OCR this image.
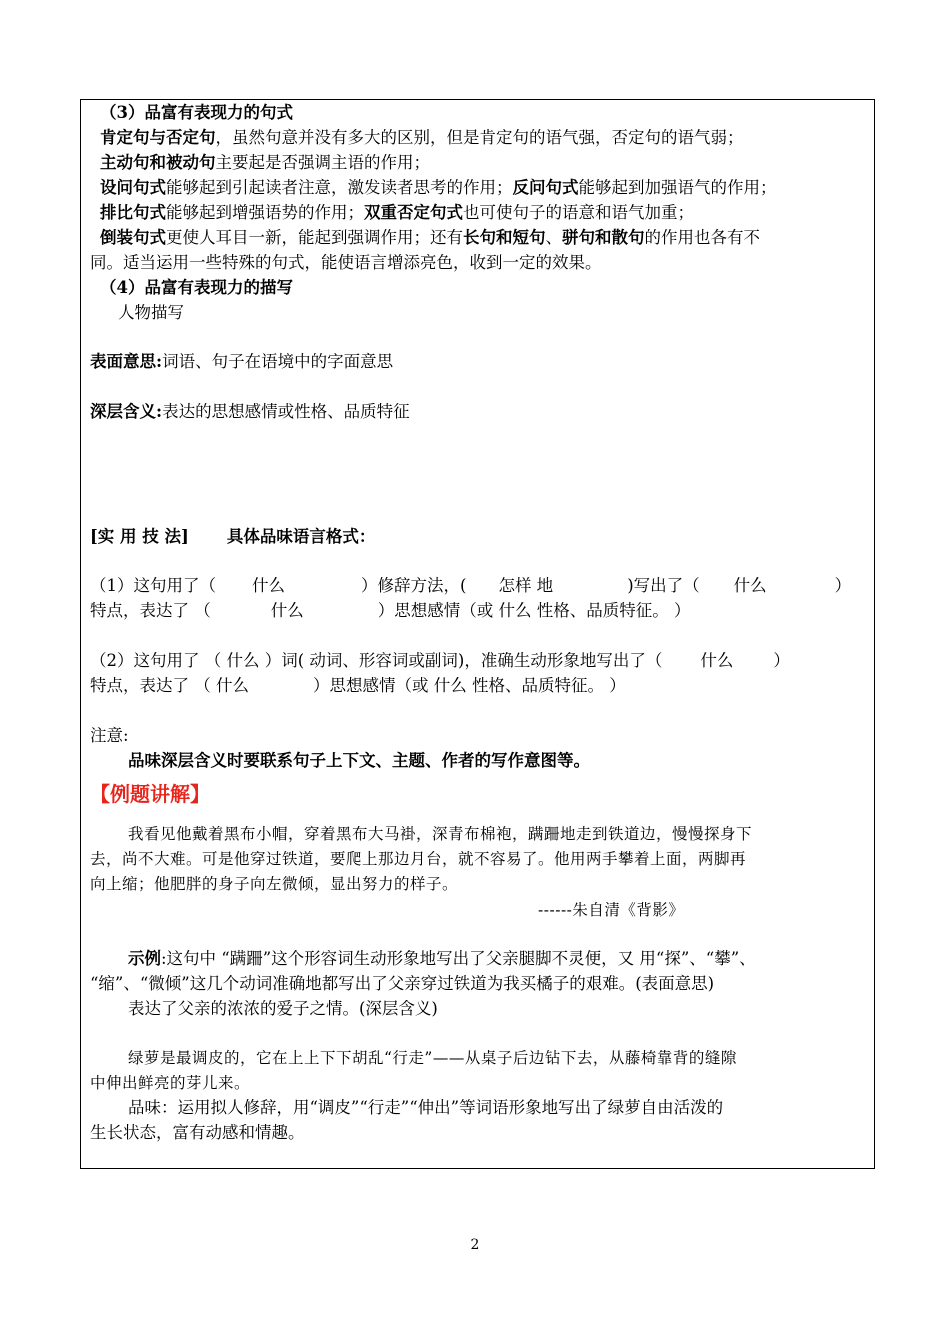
（3）品富有表现力的句式
肯定句与否定句，虽然句意并没有多大的区别，但是肯定句的语气强，否定句的语气弱；
主动句和被动句主要起是否强调主语的作用；
设问句式能够起到引起读者注意，激发读者思考的作用；反问句式能够起到加强语气的作用；
排比句式能够起到增强语势的作用；双重否定句式也可使句子的语意和语气加重；
倒装句式更使人耳目一新，能起到强调作用；还有长句和短句、骈句和散句的作用也各有不
同。适当运用一些特殊的句式，能使语言增添亮色，收到一定的效果。
（4）品富有表现力的描写
人物描写
表面意思:词语、句子在语境中的字面意思
深层含义:表达的思想感情或性格、品质特征
[实 用 技 法] 具体品味语言格式：
（1）这句用了（ 什么	）修辞方法，( 怎样 地	)写出了（ 什么	）
特点，表达了 （	什么	）思想感情（或 什么 性格、品质特征。 ）
（2）这句用了 （ 什么 ）词( 动词、形容词或副词)，准确生动形象地写出了（ 什么 ）
特点，表达了 （ 什么	）思想感情（或 什么 性格、品质特征。 ）
注意:
品味深层含义时要联系句子上下文、主题、作者的写作意图等。
【例题讲解】
我看见他戴着黑布小帽，穿着黑布大马褂，深青布棉袍，蹒跚地走到铁道边，慢慢探身下
去，尚不大难。可是他穿过铁道，要爬上那边月台，就不容易了。他用两手攀着上面，两脚再
向上缩；他肥胖的身子向左微倾，显出努力的样子。
------朱自清《背影》
示例:这句中 “蹒跚”这个形容词生动形象地写出了父亲腿脚不灵便，又 用“探”、“攀”、
“缩”、“微倾”这几个动词准确地都写出了父亲穿过铁道为我买橘子的艰难。(表面意思)
表达了父亲的浓浓的爱子之情。(深层含义)
绿萝是最调皮的，它在上上下下胡乱“行走”——从桌子后边钻下去，从藤椅靠背的缝隙
中伸出鲜亮的芽儿来。
品味：运用拟人修辞，用“调皮”“行走”“伸出”等词语形象地写出了绿萝自由活泼的
生长状态，富有动感和情趣。
2
